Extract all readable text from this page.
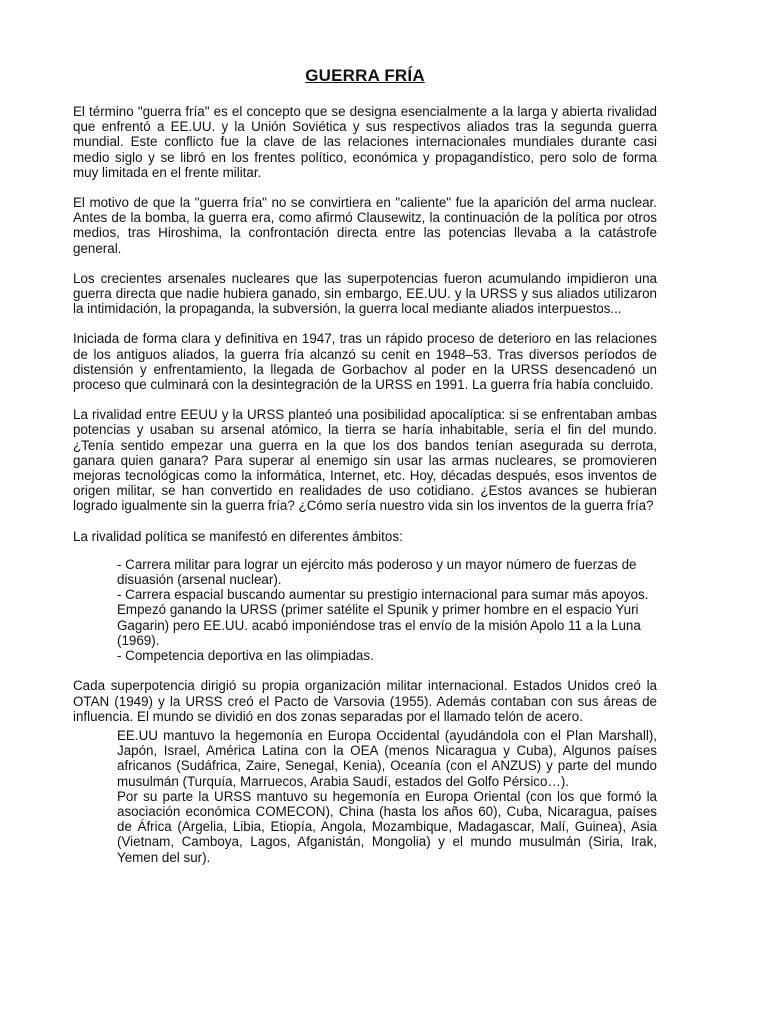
GUERRA FRÍA

El término "guerra fría" es el concepto que se designa esencialmente a la larga y abierta rivalidad que enfrentó a EE.UU. y la Unión Soviética y sus respectivos aliados tras la segunda guerra mundial. Este conflicto fue la clave de las relaciones internacionales mundiales durante casi medio siglo y se libró en los frentes político, económica y propagandístico, pero solo de forma muy limitada en el frente militar.

El motivo de que la "guerra fría" no se convirtiera en "caliente" fue la aparición del arma nuclear. Antes de la bomba, la guerra era, como afirmó Clausewitz, la continuación de la política por otros medios, tras Hiroshima, la confrontación directa entre las potencias llevaba a la catástrofe general.

Los crecientes arsenales nucleares que las superpotencias fueron acumulando impidieron una guerra directa que nadie hubiera ganado, sin embargo, EE.UU. y la URSS y sus aliados utilizaron la intimidación, la propaganda, la subversión, la guerra local mediante aliados interpuestos...

Iniciada de forma clara y definitiva en 1947, tras un rápido proceso de deterioro en las relaciones de los antiguos aliados, la guerra fría alcanzó su cenit en 1948–53. Tras diversos períodos de distensión y enfrentamiento, la llegada de Gorbachov al poder en la URSS desencadenó un proceso que culminará con la desintegración de la URSS en 1991. La guerra fría había concluido.

La rivalidad entre EEUU y la URSS planteó una posibilidad apocalíptica: si se enfrentaban ambas potencias y usaban su arsenal atómico, la tierra se haría inhabitable, sería el fin del mundo. ¿Tenía sentido empezar una guerra en la que los dos bandos tenían asegurada su derrota, ganara quien ganara? Para superar al enemigo sin usar las armas nucleares, se promovieren mejoras tecnológicas como la informática, Internet, etc. Hoy, décadas después, esos inventos de origen militar, se han convertido en realidades de uso cotidiano. ¿Estos avances se hubieran logrado igualmente sin la guerra fría? ¿Cómo sería nuestro vida sin los inventos de la guerra fría?

La rivalidad política se manifestó en diferentes ámbitos:

- Carrera militar para lograr un ejército más poderoso y un mayor número de fuerzas de disuasión (arsenal nuclear).
- Carrera espacial buscando aumentar su prestigio internacional para sumar más apoyos. Empezó ganando la URSS (primer satélite el Spunik y primer hombre en el espacio Yuri Gagarin) pero EE.UU. acabó imponiéndose tras el envío de la misión Apolo 11 a la Luna (1969).
- Competencia deportiva en las olimpiadas.

Cada superpotencia dirigió su propia organización militar internacional. Estados Unidos creó la OTAN (1949) y la URSS creó el Pacto de Varsovia (1955). Además contaban con sus áreas de influencia. El mundo se dividió en dos zonas separadas por el llamado telón de acero.

EE.UU mantuvo la hegemonía en Europa Occidental (ayudándola con el Plan Marshall), Japón, Israel, América Latina con la OEA (menos Nicaragua y Cuba), Algunos países africanos (Sudáfrica, Zaire, Senegal, Kenia), Oceanía (con el ANZUS) y parte del mundo musulmán (Turquía, Marruecos, Arabia Saudí, estados del Golfo Pérsico…).

Por su parte la URSS mantuvo su hegemonía en Europa Oriental (con los que formó la asociación económica COMECON), China (hasta los años 60), Cuba, Nicaragua, países de África (Argelia, Libia, Etiopía, Angola, Mozambique, Madagascar, Malí, Guinea), Asia (Vietnam, Camboya, Lagos, Afganistán, Mongolia) y el mundo musulmán (Siria, Irak, Yemen del sur).
